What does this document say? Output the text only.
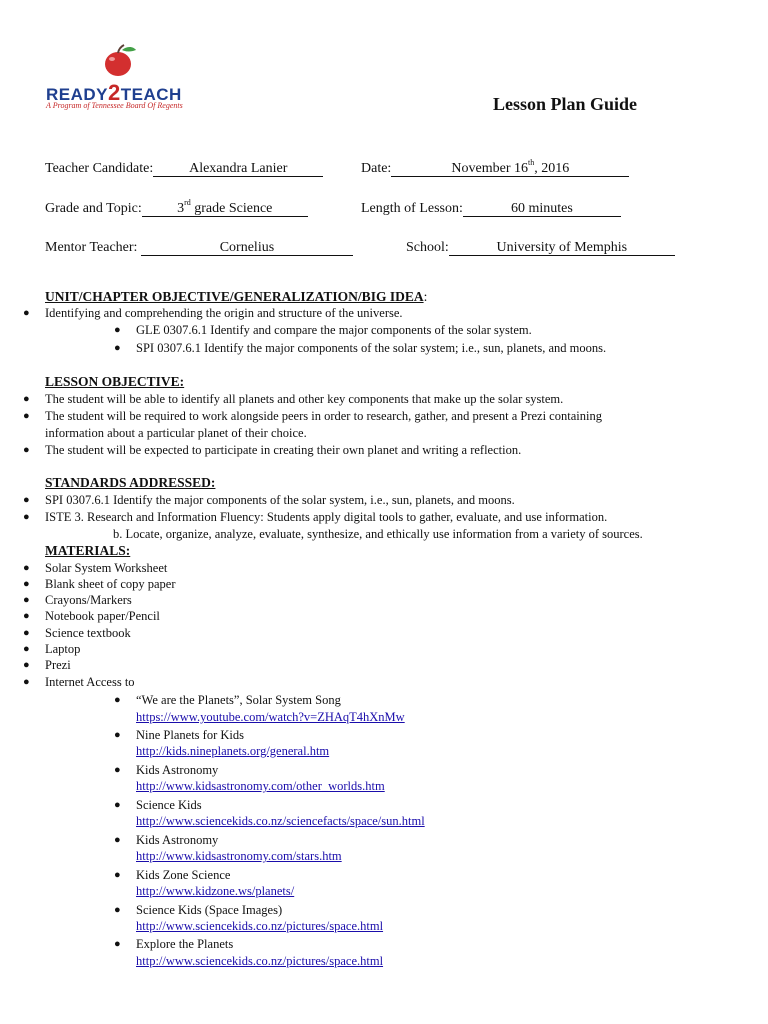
READY2TEACH
A Program of Tennessee Board Of Regents	Lesson Plan Guide
Teacher Candidate:	Alexandra Lanier	Date:	November 16th, 2016
Grade and Topic:	3rd grade Science	Length of Lesson:	60 minutes
Mentor Teacher:	Cornelius	School:	University of Memphis
UNIT/CHAPTER OBJECTIVE/GENERALIZATION/BIG IDEA:
● Identifying and comprehending the origin and structure of the universe.
● GLE 0307.6.1 Identify and compare the major components of the solar system.
● SPI 0307.6.1 Identify the major components of the solar system; i.e., sun, planets, and moons.
LESSON OBJECTIVE:
● The student will be able to identify all planets and other key components that make up the solar system.
● The student will be required to work alongside peers in order to research, gather, and present a Prezi containing
information about a particular planet of their choice.
● The student will be expected to participate in creating their own planet and writing a reflection.
STANDARDS ADDRESSED:
● SPI 0307.6.1 Identify the major components of the solar system, i.e., sun, planets, and moons.
● ISTE 3. Research and Information Fluency: Students apply digital tools to gather, evaluate, and use information.
b. Locate, organize, analyze, evaluate, synthesize, and ethically use information from a variety of sources.
MATERIALS:
● Solar System Worksheet
● Blank sheet of copy paper
● Crayons/Markers
● Notebook paper/Pencil
● Science textbook
● Laptop
● Prezi
● Internet Access to
● “We are the Planets”, Solar System Song
https://www.youtube.com/watch?v=ZHAqT4hXnMw
● Nine Planets for Kids
http://kids.nineplanets.org/general.htm
● Kids Astronomy
http://www.kidsastronomy.com/other_worlds.htm
● Science Kids
http://www.sciencekids.co.nz/sciencefacts/space/sun.html
● Kids Astronomy
http://www.kidsastronomy.com/stars.htm
● Kids Zone Science
http://www.kidzone.ws/planets/
● Science Kids (Space Images)
http://www.sciencekids.co.nz/pictures/space.html
● Explore the Planets
http://www.sciencekids.co.nz/pictures/space.html
